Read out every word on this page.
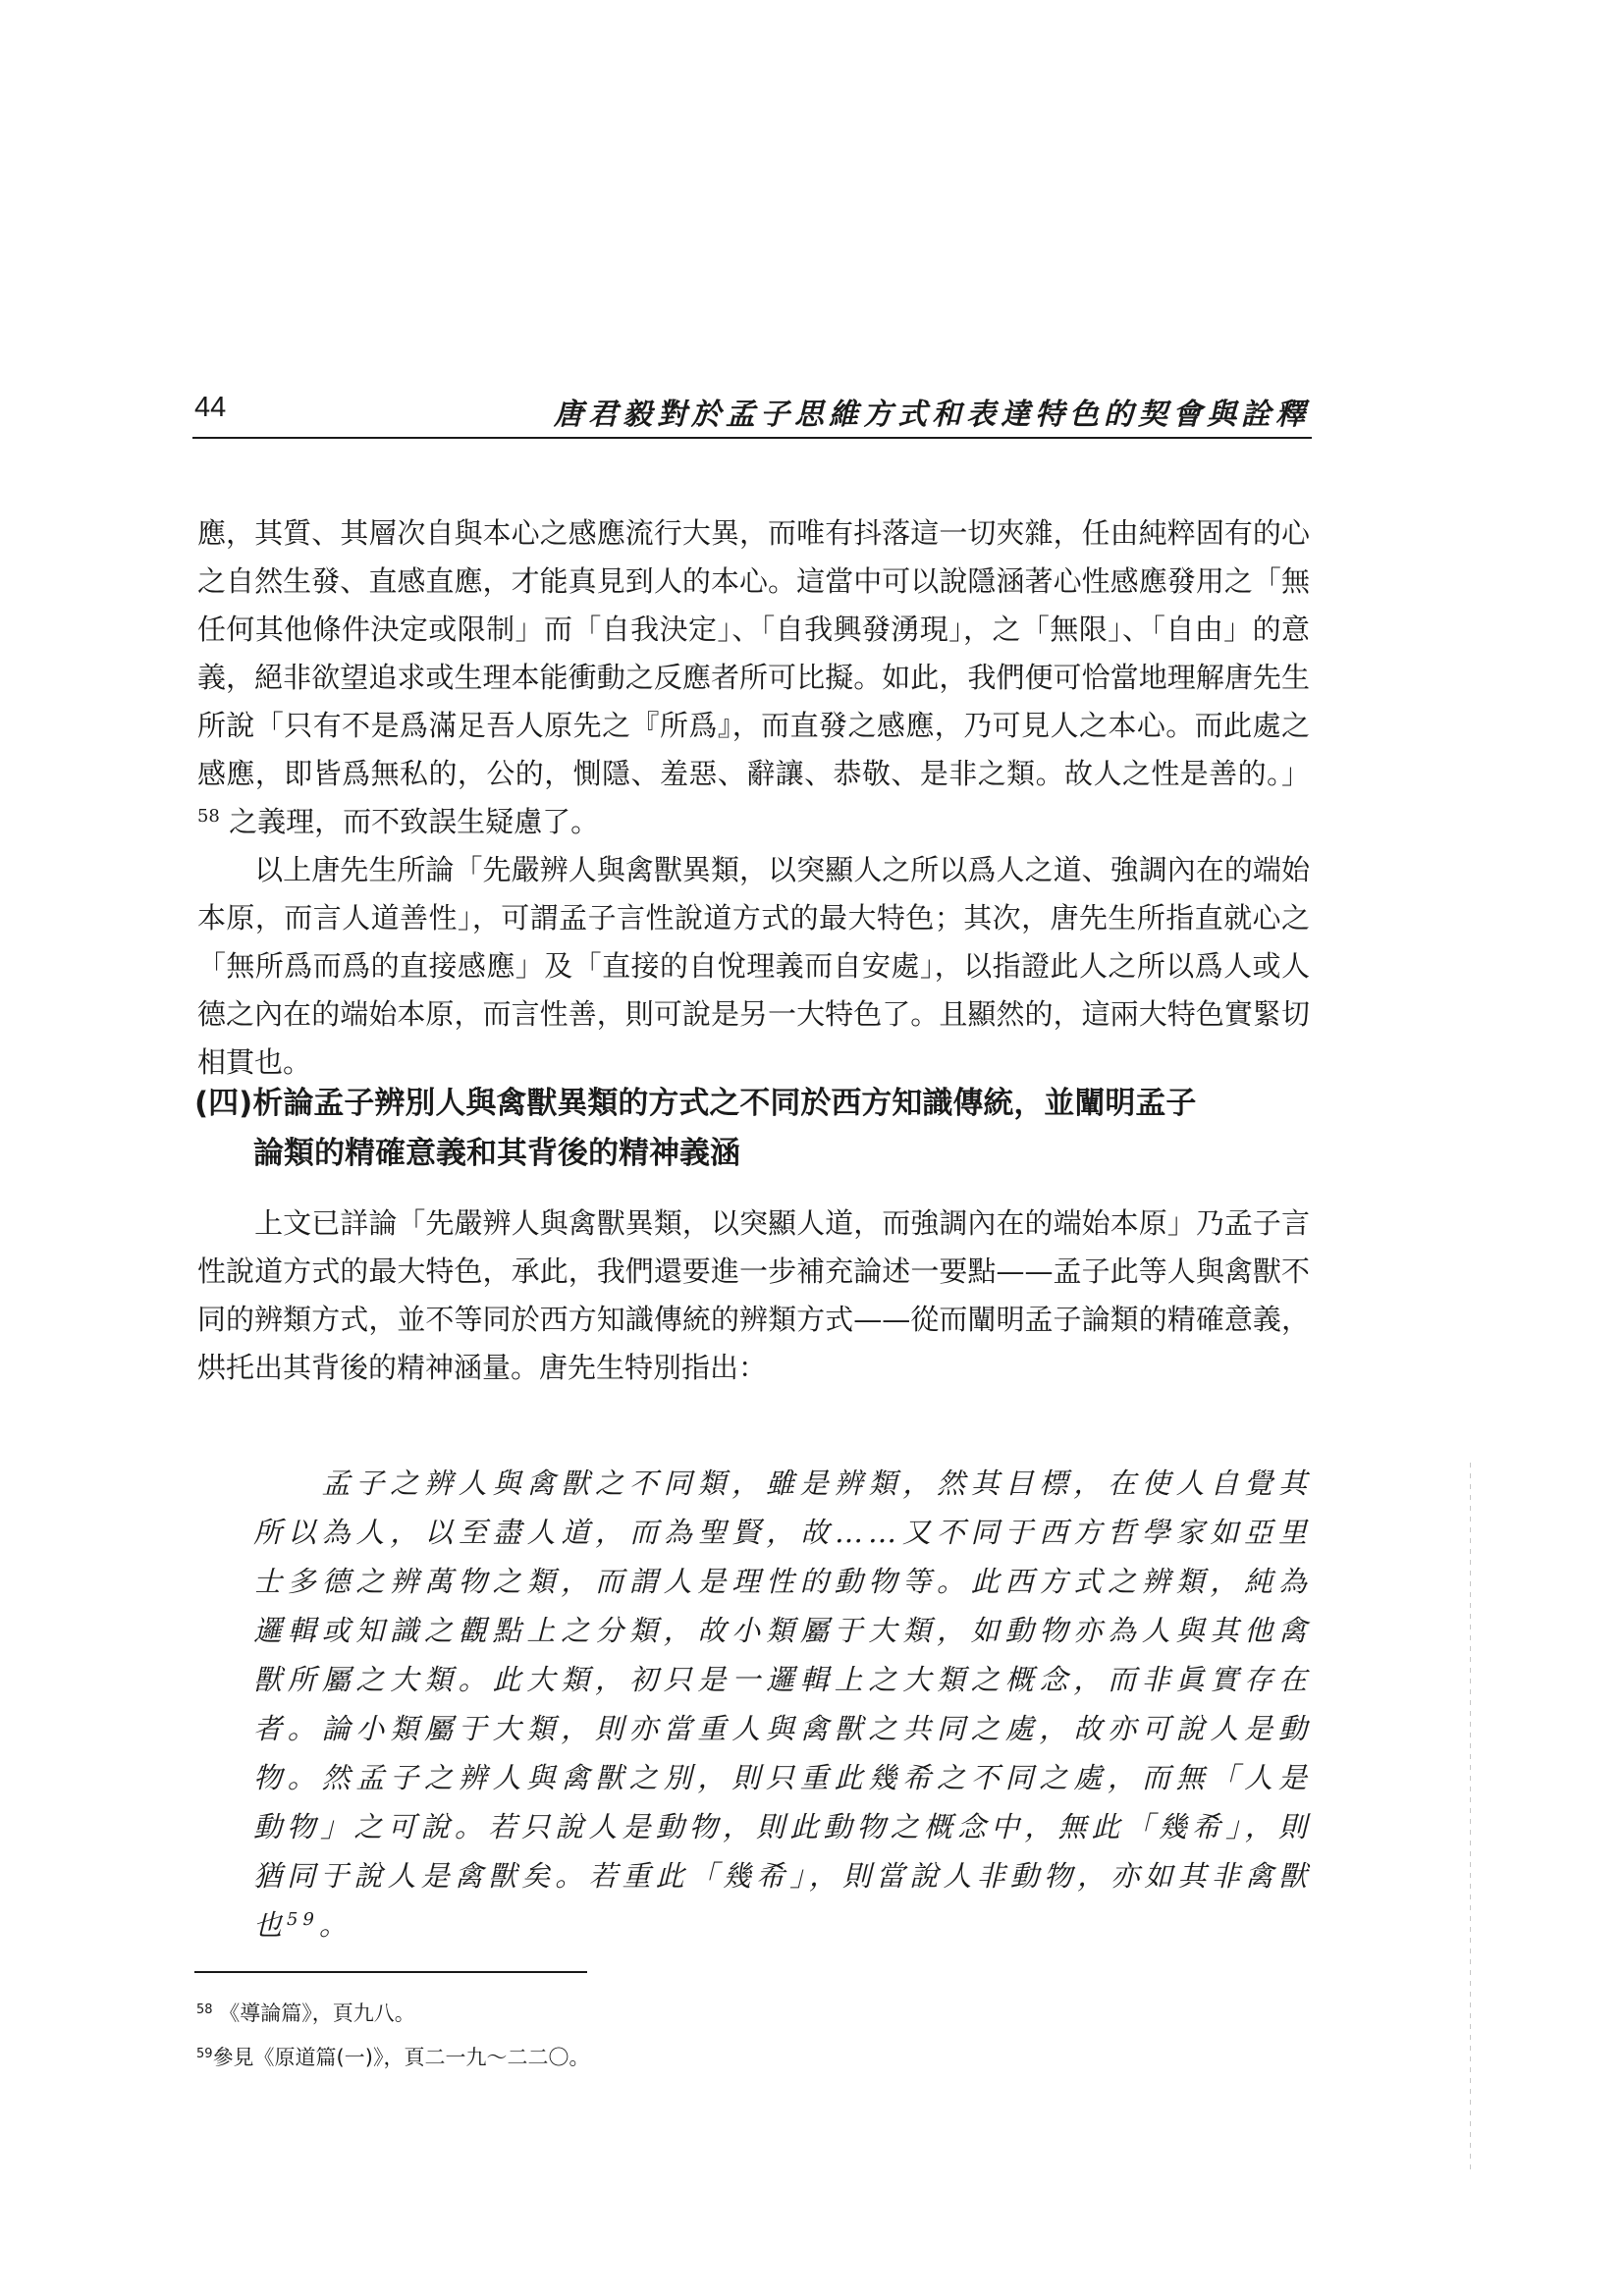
44	唐君毅對於孟子思維方式和表達特色的契會與詮釋

應，其質、其層次自與本心之感應流行大異，而唯有抖落這一切夾雜，任由純粹固有的心之自然生發、直感直應，才能真見到人的本心。這當中可以說隱涵著心性感應發用之「無任何其他條件決定或限制」而「自我決定」、「自我興發湧現」，之「無限」、「自由」的意義，絕非欲望追求或生理本能衝動之反應者所可比擬。如此，我們便可恰當地理解唐先生所說「只有不是爲滿足吾人原先之『所爲』，而直發之感應，乃可見人之本心。而此處之感應，即皆爲無私的，公的，惻隱、羞惡、辭讓、恭敬、是非之類。故人之性是善的。」$^{58}$ 之義理，而不致誤生疑慮了。

　　以上唐先生所論「先嚴辨人與禽獸異類，以突顯人之所以爲人之道、強調內在的端始本原，而言人道善性」，可謂孟子言性說道方式的最大特色；其次，唐先生所指直就心之「無所爲而爲的直接感應」及「直接的自悅理義而自安處」，以指證此人之所以爲人或人德之內在的端始本原，而言性善，則可說是另一大特色了。且顯然的，這兩大特色實緊切相貫也。

(四)析論孟子辨別人與禽獸異類的方式之不同於西方知識傳統，並闡明孟子
論類的精確意義和其背後的精神義涵

　　上文已詳論「先嚴辨人與禽獸異類，以突顯人道，而強調內在的端始本原」乃孟子言性說道方式的最大特色，承此，我們還要進一步補充論述一要點——孟子此等人與禽獸不同的辨類方式，並不等同於西方知識傳統的辨類方式——從而闡明孟子論類的精確意義，烘托出其背後的精神涵量。唐先生特別指出：

　　孟子之辨人與禽獸之不同類，雖是辨類，然其目標，在使人自覺其所以為人，以至盡人道，而為聖賢，故……又不同于西方哲學家如亞里士多德之辨萬物之類，而謂人是理性的動物等。此西方式之辨類，純為邏輯或知識之觀點上之分類，故小類屬于大類，如動物亦為人與其他禽獸所屬之大類。此大類，初只是一邏輯上之大類之概念，而非眞實存在者。論小類屬于大類，則亦當重人與禽獸之共同之處，故亦可說人是動物。然孟子之辨人與禽獸之別，則只重此幾希之不同之處，而無「人是動物」之可說。若只說人是動物，則此動物之概念中，無此「幾希」，則猶同于說人是禽獸矣。若重此「幾希」，則當說人非動物，亦如其非禽獸也$^{59}$。
$^{58}$ 《導論篇》，頁九八。
$^{59}$參見《原道篇(一)》，頁二一九～二二〇。
